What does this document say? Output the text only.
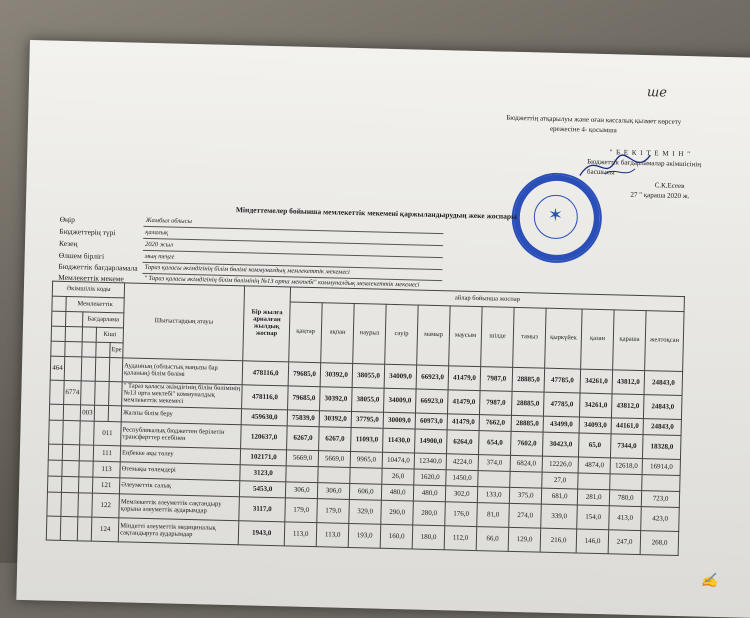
ше
Бюджеттің атқарылуы және оған кассалық қызмет көрсету
ережесіне 4- қосымша
✶
" Б Е К І Т Е М І Н "
Бюджеттік бағдарламалар әкімшісінің
басшысы
С.К.Есеев
27 " қараша 2020 ж.
Міндеттемелер бойынша мемлекеттік мекемені қаржыландырудың жеке жоспары
Өңір	Жамбыл облысы
Бюджеттерің түрі	қалалық
Кезең	2020 жыл
Өлшем бірлігі	мың теңге
Бюджеттік бағдарламала Тараз қаласы әкімдігінің білім бөлімі коммуналдық мемлекеттік мекемесі
Мемлекеттік мекеме	" Тараз қаласы әкімдігінің білім бөлімінің №13 орта мектебі" коммуналдық мемлекеттік мекемесі
Әкімшілік коды					Шығыстардың атауы	Бір жылға арналған жылдық жоспар	айлар бойынша жоспар											
	Мемлекеттік						қаңтар	ақпан	наурыз	сәуір	мамыр	маусым	шілде	тамыз	қыркүйек	қазан	қараша	желтоқсан
		Бағдарлама																
			Кіші															
				Ере														
464					Ауданның (облыстық маңызы бар қаланың) білім бөлімі	478116,0	79685,0	30392,0	38055,0	34009,0	66923,0	41479,0	7987,0	28885,0	47785,0	34261,0	43812,0	24843,0
	6774				" Тараз қаласы әкімдігінің білім бөлімінің №13 орта мектебі" коммуналдық мемлекеттік мекемесі	478116,0	79685,0	30392,0	38055,0	34009,0	66923,0	41479,0	7987,0	28885,0	47785,0	34261,0	43812,0	24843,0
		003			Жалпы білім беру	459630,0	75839,0	30392,0	37795,0	30009,0	60973,0	41479,0	7662,0	28885,0	43499,0	34093,0	44161,0	24843,0
			011		Республикалық бюджеттен берілетін трансферттер есебінен	120637,0	6267,0	6267,0	11093,0	11430,0	14900,0	6264,0	654,0	7602,0	30423,0	65,0	7344,0	18328,0
			111		Еңбекке ақы төлеу	102171,0	5669,0	5669,0	9965,0	10474,0	12340,0	4224,0	374,0	6824,0	12226,0	4874,0	12618,0	16914,0
			113		Өтемақы төлемдері	3123,0				26,0	1620,0	1450,0			27,0			
			121		Әлеуметтік салық	5453,0	306,0	306,0	606,0	480,0	480,0	302,0	133,0	375,0	681,0	281,0	780,0	723,0
			122		Мемлекеттік әлеуметтік сақтандыру қорына әлеуметтік аударымдар	3117,0	179,0	179,0	329,0	290,0	280,0	176,0	81,0	274,0	339,0	154,0	413,0	423,0
			124		Міндетті әлеуметтік медициналық сақтандыруға аударымдар	1943,0	113,0	113,0	193,0	160,0	180,0	112,0	66,0	129,0	216,0	146,0	247,0	268,0
✍
